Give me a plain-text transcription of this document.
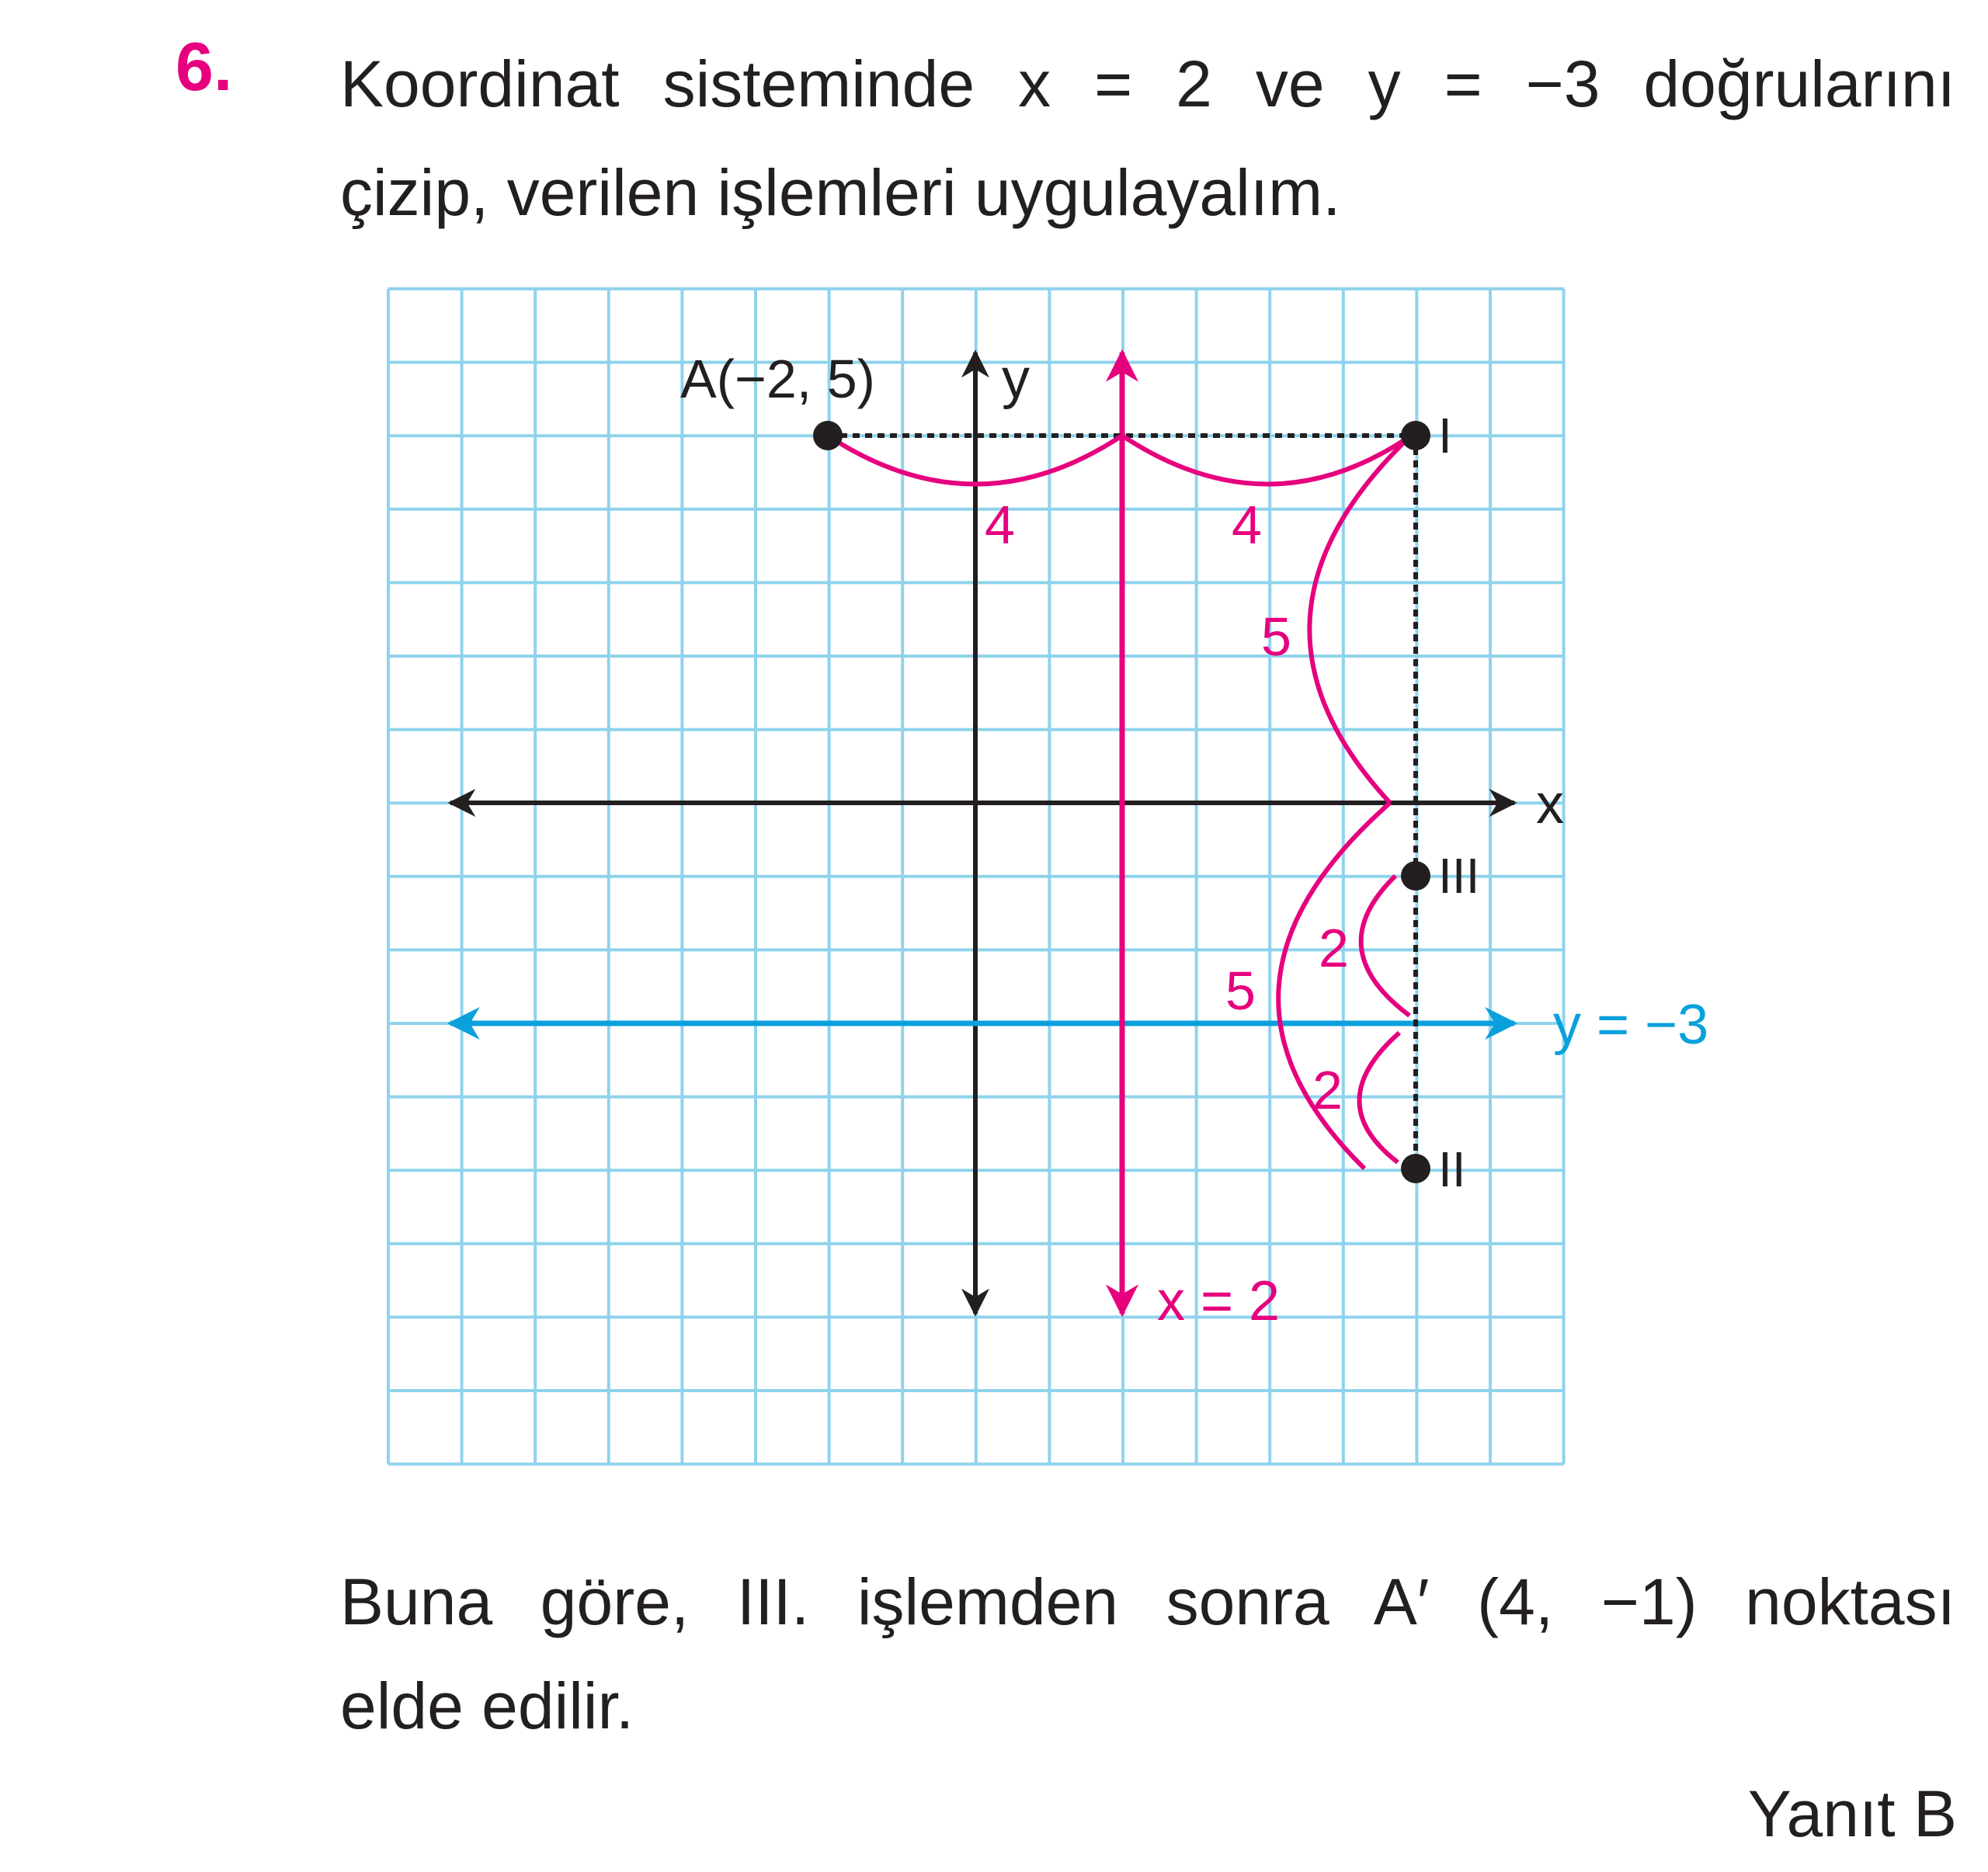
6. Koordinat sisteminde x = 2 ve y = −3 doğrularını
çizip, verilen işlemleri uygulayalım.
A(−2, 5) y
x
I
III
II
x = 2
y = −3
4	4
5
5
2
2
Buna göre, III. işlemden sonra A′ (4, −1) noktası
elde edilir.
Yanıt B
